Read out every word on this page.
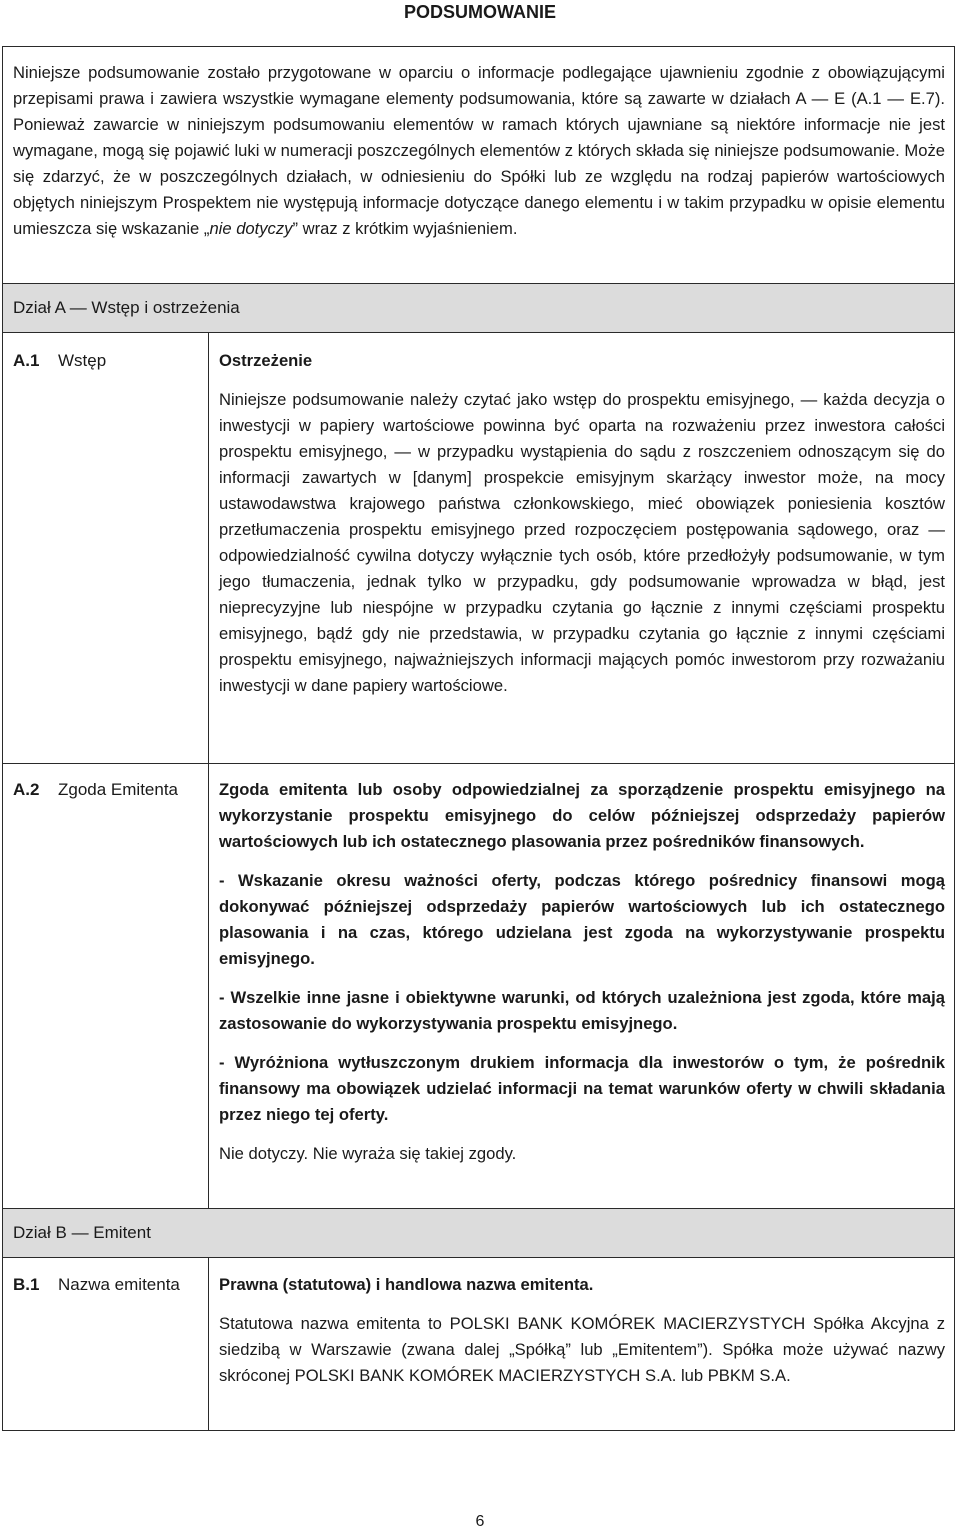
PODSUMOWANIE

Niniejsze podsumowanie zostało przygotowane w oparciu o informacje podlegające ujawnieniu zgodnie z obowiązującymi przepisami prawa i zawiera wszystkie wymagane elementy podsumowania, które są zawarte w działach A — E (A.1 — E.7). Ponieważ zawarcie w niniejszym podsumowaniu elementów w ramach których ujawniane są niektóre informacje nie jest wymagane, mogą się pojawić luki w numeracji poszczególnych elementów z których składa się niniejsze podsumowanie. Może się zdarzyć, że w poszczególnych działach, w odniesieniu do Spółki lub ze względu na rodzaj papierów wartościowych objętych niniejszym Prospektem nie występują informacje dotyczące danego elementu i w takim przypadku w opisie elementu umieszcza się wskazanie „nie dotyczy” wraz z krótkim wyjaśnieniem.

Dział A — Wstęp i ostrzeżenia
A.1 Wstęp	Ostrzeżenie

Niniejsze podsumowanie należy czytać jako wstęp do prospektu emisyjnego, — każda decyzja o inwestycji w papiery wartościowe powinna być oparta na rozważeniu przez inwestora całości prospektu emisyjnego, — w przypadku wystąpienia do sądu z roszczeniem odnoszącym się do informacji zawartych w [danym] prospekcie emisyjnym skarżący inwestor może, na mocy ustawodawstwa krajowego państwa członkowskiego, mieć obowiązek poniesienia kosztów przetłumaczenia prospektu emisyjnego przed rozpoczęciem postępowania sądowego, oraz — odpowiedzialność cywilna dotyczy wyłącznie tych osób, które przedłożyły podsumowanie, w tym jego tłumaczenia, jednak tylko w przypadku, gdy podsumowanie wprowadza w błąd, jest nieprecyzyjne lub niespójne w przypadku czytania go łącznie z innymi częściami prospektu emisyjnego, bądź gdy nie przedstawia, w przypadku czytania go łącznie z innymi częściami prospektu emisyjnego, najważniejszych informacji mających pomóc inwestorom przy rozważaniu inwestycji w dane papiery wartościowe.

A.2 Zgoda Emitenta	Zgoda emitenta lub osoby odpowiedzialnej za sporządzenie prospektu emisyjnego na wykorzystanie prospektu emisyjnego do celów późniejszej odsprzedaży papierów wartościowych lub ich ostatecznego plasowania przez pośredników finansowych.

- Wskazanie okresu ważności oferty, podczas którego pośrednicy finansowi mogą dokonywać późniejszej odsprzedaży papierów wartościowych lub ich ostatecznego plasowania i na czas, którego udzielana jest zgoda na wykorzystywanie prospektu emisyjnego.

- Wszelkie inne jasne i obiektywne warunki, od których uzależniona jest zgoda, które mają zastosowanie do wykorzystywania prospektu emisyjnego.

- Wyróżniona wytłuszczonym drukiem informacja dla inwestorów o tym, że pośrednik finansowy ma obowiązek udzielać informacji na temat warunków oferty w chwili składania przez niego tej oferty.

Nie dotyczy. Nie wyraża się takiej zgody.

Dział B — Emitent
B.1 Nazwa emitenta	Prawna (statutowa) i handlowa nazwa emitenta.

Statutowa nazwa emitenta to POLSKI BANK KOMÓREK MACIERZYSTYCH Spółka Akcyjna z siedzibą w Warszawie (zwana dalej „Spółką” lub „Emitentem”). Spółka może używać nazwy skróconej POLSKI BANK KOMÓREK MACIERZYSTYCH S.A. lub PBKM S.A.

6
